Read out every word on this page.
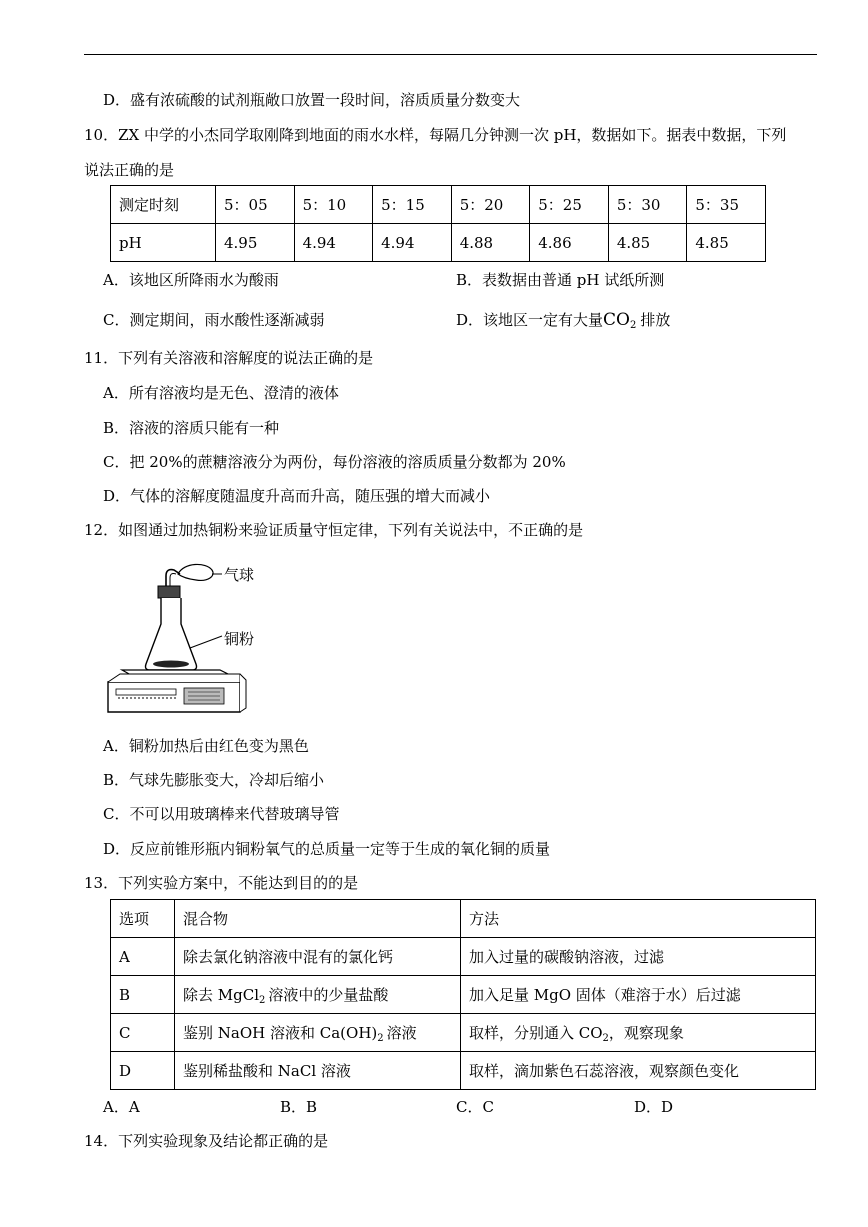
D．盛有浓硫酸的试剂瓶敞口放置一段时间，溶质质量分数变大
10．ZX 中学的小杰同学取刚降到地面的雨水水样，每隔几分钟测一次 pH，数据如下。据表中数据，下列
说法正确的是
测定时刻	5：05	5：10	5：15	5：20	5：25	5：30	5：35
pH	4.95	4.94	4.94	4.88	4.86	4.85	4.85
A．该地区所降雨水为酸雨	B．表数据由普通 pH 试纸所测
C．测定期间，雨水酸性逐渐减弱	D．该地区一定有大量$CO_2$ 排放
11．下列有关溶液和溶解度的说法正确的是
A．所有溶液均是无色、澄清的液体
B．溶液的溶质只能有一种
C．把 20%的蔗糖溶液分为两份，每份溶液的溶质质量分数都为 20%
D．气体的溶解度随温度升高而升高，随压强的增大而减小
12．如图通过加热铜粉来验证质量守恒定律，下列有关说法中，不正确的是
气球
铜粉
A．铜粉加热后由红色变为黑色
B．气球先膨胀变大，冷却后缩小
C．不可以用玻璃棒来代替玻璃导管
D．反应前锥形瓶内铜粉氧气的总质量一定等于生成的氧化铜的质量
13．下列实验方案中，不能达到目的的是
选项	混合物	方法
A	除去氯化钠溶液中混有的氯化钙	加入过量的碳酸钠溶液，过滤
B	除去 MgCl$_2$ 溶液中的少量盐酸	加入足量 MgO 固体（难溶于水）后过滤
C	鉴别 NaOH 溶液和 $Ca(OH)_2$ 溶液	取样，分别通入 $CO_2$，观察现象
D	鉴别稀盐酸和 NaCl 溶液	取样，滴加紫色石蕊溶液，观察颜色变化
A．A	B．B	C．C	D．D
14．下列实验现象及结论都正确的是
